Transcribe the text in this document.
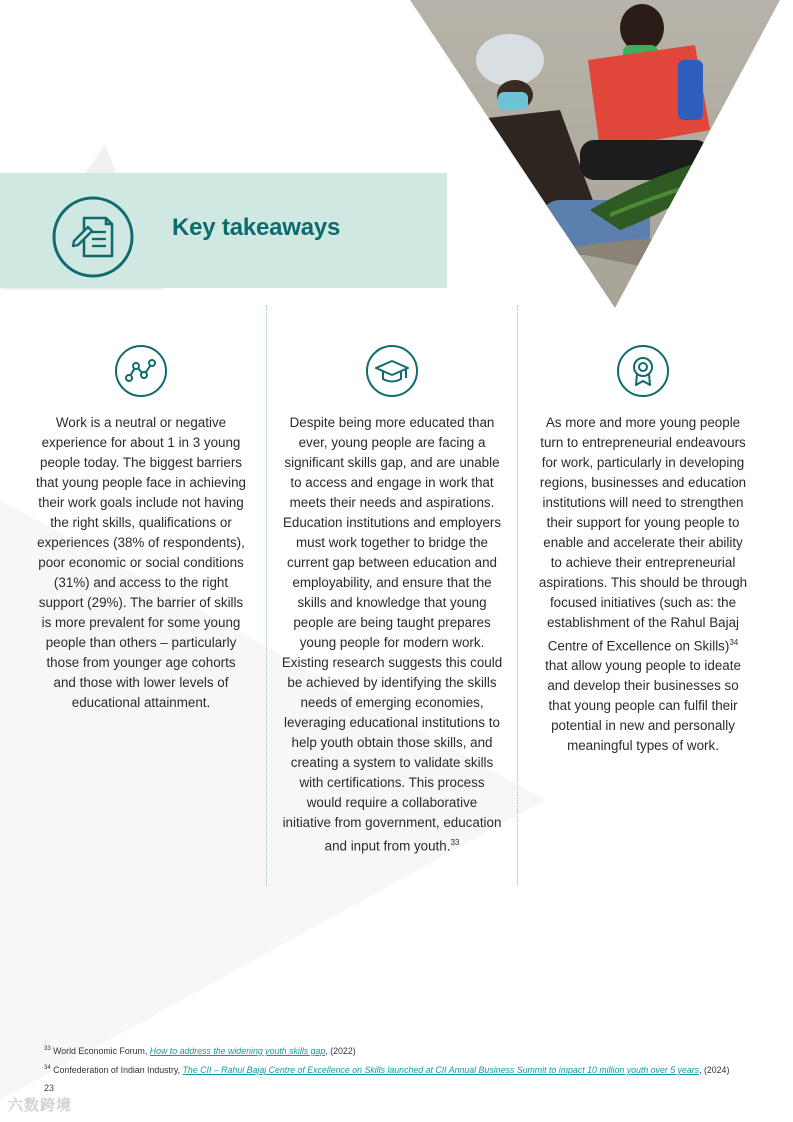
Key takeaways
Work is a neutral or negative experience for about 1 in 3 young people today. The biggest barriers that young people face in achieving their work goals include not having the right skills, qualifications or experiences (38% of respondents), poor economic or social conditions (31%) and access to the right support (29%). The barrier of skills is more prevalent for some young people than others – particularly those from younger age cohorts and those with lower levels of educational attainment.
Despite being more educated than ever, young people are facing a significant skills gap, and are unable to access and engage in work that meets their needs and aspirations. Education institutions and employers must work together to bridge the current gap between education and employability, and ensure that the skills and knowledge that young people are being taught prepares young people for modern work. Existing research suggests this could be achieved by identifying the skills needs of emerging economies, leveraging educational institutions to help youth obtain those skills, and creating a system to validate skills with certifications. This process would require a collaborative initiative from government, education and input from youth.$^{33}$
As more and more young people turn to entrepreneurial endeavours for work, particularly in developing regions, businesses and education institutions will need to strengthen their support for young people to enable and accelerate their ability to achieve their entrepreneurial aspirations. This should be through focused initiatives (such as: the establishment of the Rahul Bajaj Centre of Excellence on Skills)$^{34}$ that allow young people to ideate and develop their businesses so that young people can fulfil their potential in new and personally meaningful types of work.
$^{33}$ World Economic Forum, How to address the widening youth skills gap, (2022)
$^{34}$ Confederation of Indian Industry, The CII – Rahul Bajaj Centre of Excellence on Skills launched at CII Annual Business Summit to impact 10 million youth over 5 years, (2024)
23
六数跨境
